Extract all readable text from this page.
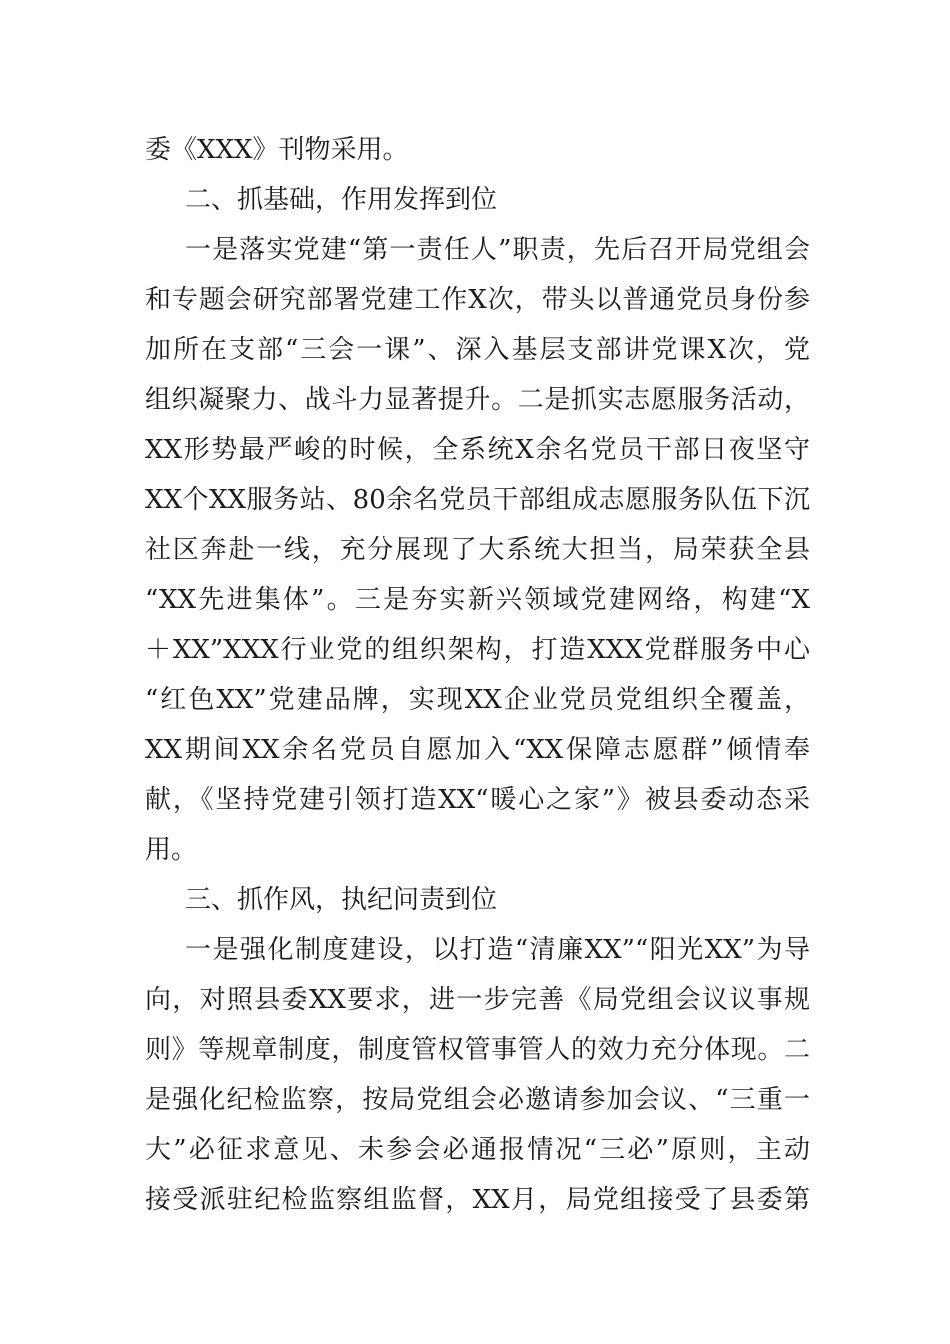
委《XXX》刊物采用。
二、抓基础，作用发挥到位
一是落实党建“第一责任人”职责，先后召开局党组会
和专题会研究部署党建工作X次，带头以普通党员身份参
加所在支部“三会一课”、深入基层支部讲党课X次，党
组织凝聚力、战斗力显著提升。二是抓实志愿服务活动，
XX形势最严峻的时候，全系统X余名党员干部日夜坚守
XX个XX服务站、80余名党员干部组成志愿服务队伍下沉
社区奔赴一线，充分展现了大系统大担当，局荣获全县
“XX先进集体”。三是夯实新兴领域党建网络，构建“X
＋XX”XXX行业党的组织架构，打造XXX党群服务中心
“红色XX”党建品牌，实现XX企业党员党组织全覆盖，
XX期间XX余名党员自愿加入“XX保障志愿群”倾情奉
献，《坚持党建引领打造XX“暖心之家”》被县委动态采
用。
三、抓作风，执纪问责到位
一是强化制度建设，以打造“清廉XX”“阳光XX”为导
向，对照县委XX要求，进一步完善《局党组会议议事规
则》等规章制度，制度管权管事管人的效力充分体现。二
是强化纪检监察，按局党组会必邀请参加会议、“三重一
大”必征求意见、未参会必通报情况“三必”原则，主动
接受派驻纪检监察组监督，XX月，局党组接受了县委第
